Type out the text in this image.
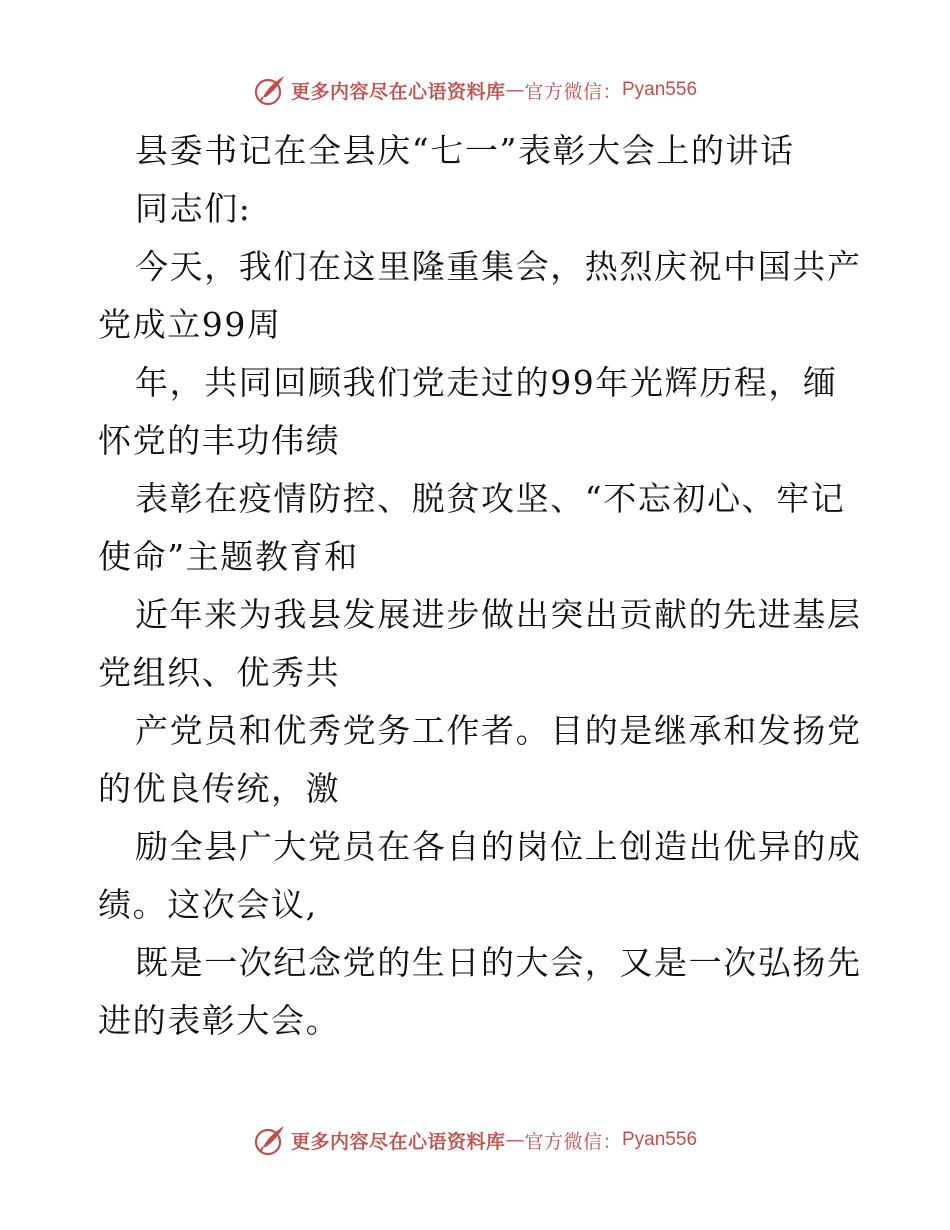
更多内容尽在心语资料库 — 官方微信： Pyan556

县委书记在全县庆“七一”表彰大会上的讲话

同志们:

今天，我们在这里隆重集会，热烈庆祝中国共产

党成立99周

年，共同回顾我们党走过的99年光辉历程，缅

怀党的丰功伟绩

表彰在疫情防控、脱贫攻坚、“不忘初心、牢记

使命”主题教育和

近年来为我县发展进步做出突出贡献的先进基层

党组织、优秀共

产党员和优秀党务工作者。目的是继承和发扬党

的优良传统，激

励全县广大党员在各自的岗位上创造出优异的成

绩。这次会议,

既是一次纪念党的生日的大会，又是一次弘扬先

进的表彰大会。

更多内容尽在心语资料库 — 官方微信： Pyan556
